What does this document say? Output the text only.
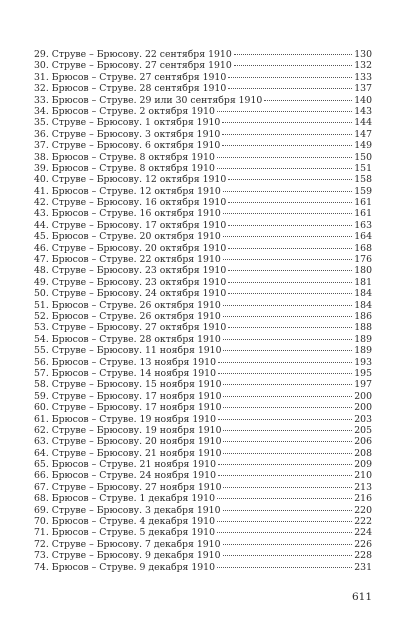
29. Струве – Брюсову. 22 сентября 1910	130
30. Струве – Брюсову. 27 сентября 1910	132
31. Брюсов – Струве. 27 сентября 1910	133
32. Брюсов – Струве. 28 сентября 1910	137
33. Брюсов – Струве. 29 или 30 сентября 1910	140
34. Брюсов – Струве. 2 октября 1910	143
35. Струве – Брюсову. 1 октября 1910	144
36. Струве – Брюсову. 3 октября 1910	147
37. Струве – Брюсову. 6 октября 1910	149
38. Брюсов – Струве. 8 октября 1910	150
39. Брюсов – Струве. 8 октября 1910	151
40. Струве – Брюсову. 12 октября 1910	158
41. Брюсов – Струве. 12 октября 1910	159
42. Струве – Брюсову. 16 октября 1910	161
43. Брюсов – Струве. 16 октября 1910	161
44. Струве – Брюсову. 17 октября 1910	163
45. Брюсов – Струве. 20 октября 1910	164
46. Струве – Брюсову. 20 октября 1910	168
47. Брюсов – Струве. 22 октября 1910	176
48. Струве – Брюсову. 23 октября 1910	180
49. Струве – Брюсову. 23 октября 1910	181
50. Струве – Брюсову. 24 октября 1910	184
51. Брюсов – Струве. 26 октября 1910	184
52. Брюсов – Струве. 26 октября 1910	186
53. Струве – Брюсову. 27 октября 1910	188
54. Брюсов – Струве. 28 октября 1910	189
55. Струве – Брюсову. 11 ноября 1910	189
56. Брюсов – Струве. 13 ноября 1910	193
57. Брюсов – Струве. 14 ноября 1910	195
58. Струве – Брюсову. 15 ноября 1910	197
59. Струве – Брюсову. 17 ноября 1910	200
60. Струве – Брюсову. 17 ноября 1910	200
61. Брюсов – Струве. 19 ноября 1910	203
62. Струве – Брюсову. 19 ноября 1910	205
63. Струве – Брюсову. 20 ноября 1910	206
64. Струве – Брюсову. 21 ноября 1910	208
65. Брюсов – Струве. 21 ноября 1910	209
66. Брюсов – Струве. 24 ноября 1910	210
67. Струве – Брюсову. 27 ноября 1910	213
68. Брюсов – Струве. 1 декабря 1910	216
69. Струве – Брюсову. 3 декабря 1910	220
70. Брюсов – Струве. 4 декабря 1910	222
71. Брюсов – Струве. 5 декабря 1910	224
72. Струве – Брюсову. 7 декабря 1910	226
73. Струве – Брюсову. 9 декабря 1910	228
74. Брюсов – Струве. 9 декабря 1910	231
611
